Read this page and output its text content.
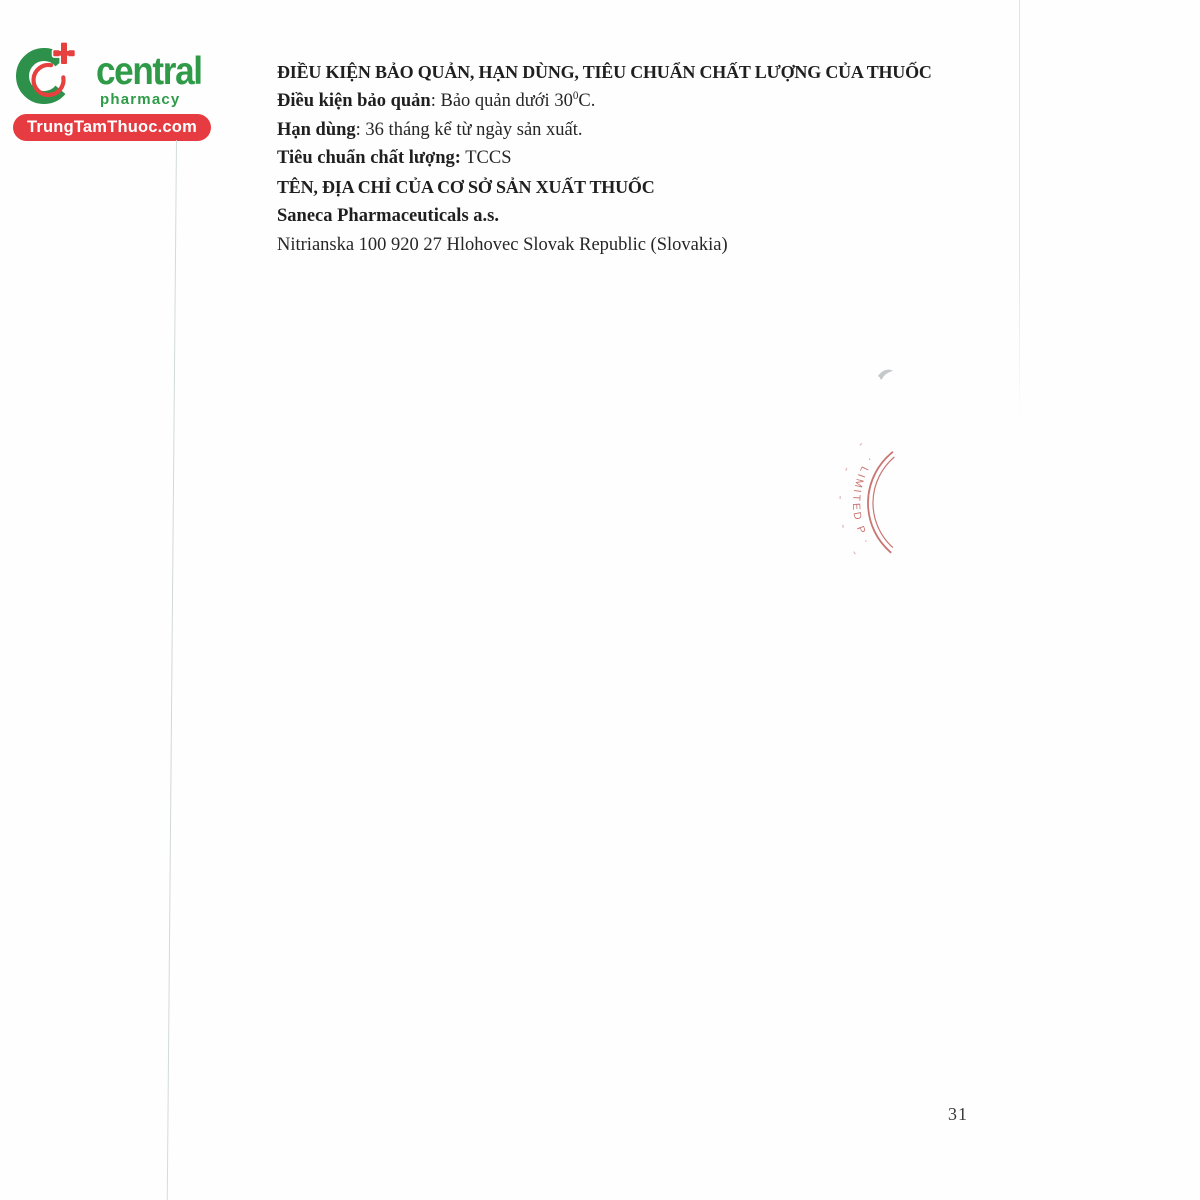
central
pharmacy
TrungTamThuoc.com

ĐIỀU KIỆN BẢO QUẢN, HẠN DÙNG, TIÊU CHUẨN CHẤT LƯỢNG CỦA THUỐC

Điều kiện bảo quản: Bảo quản dưới $30^0C$.

Hạn dùng: 36 tháng kể từ ngày sản xuất.

Tiêu chuẩn chất lượng: TCCS

TÊN, ĐỊA CHỈ CỦA CƠ SỞ SẢN XUẤT THUỐC

Saneca Pharmaceuticals a.s.

Nitrianska 100 920 27 Hlohovec Slovak Republic (Slovakia)

· LIMITED P ·
31
